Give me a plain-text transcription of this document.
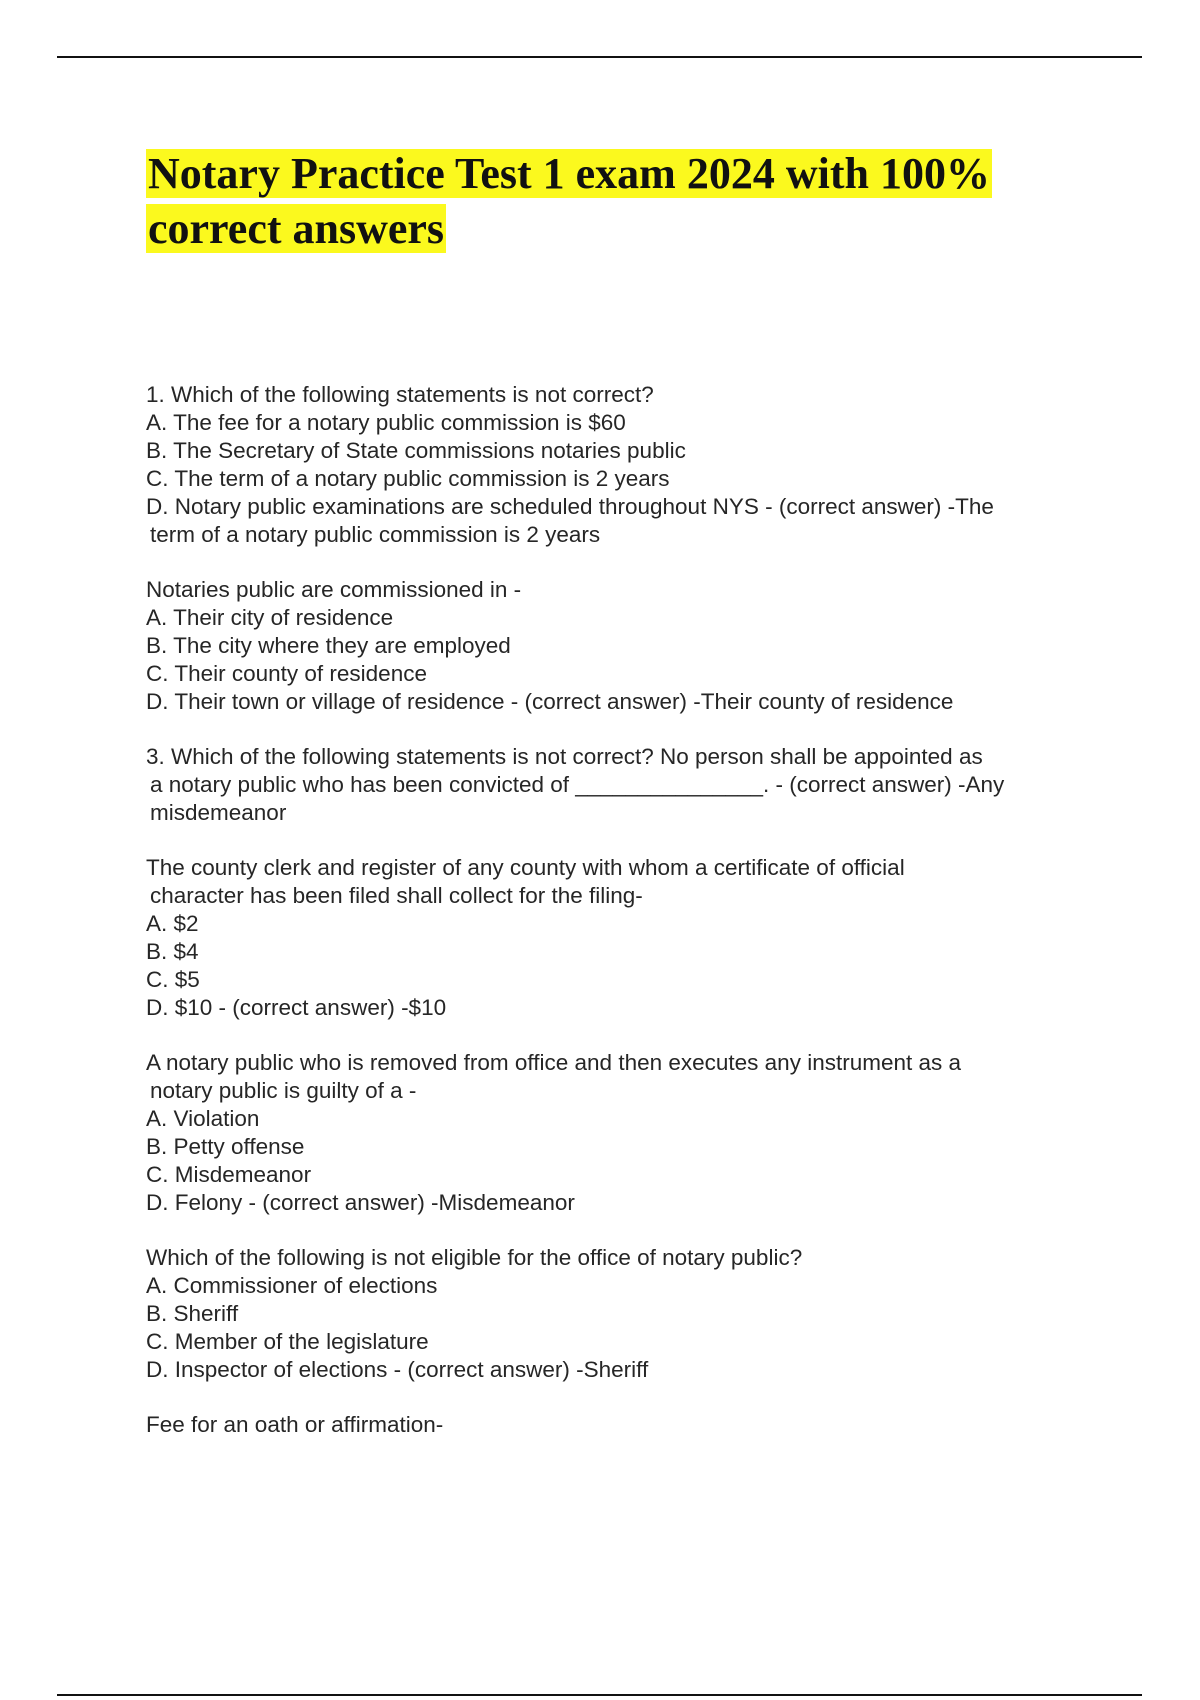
Notary Practice Test 1 exam 2024 with 100% correct answers
1. Which of the following statements is not correct?
A. The fee for a notary public commission is $60
B. The Secretary of State commissions notaries public
C. The term of a notary public commission is 2 years
D. Notary public examinations are scheduled throughout NYS - (correct answer) -The
term of a notary public commission is 2 years
Notaries public are commissioned in -
A. Their city of residence
B. The city where they are employed
C. Their county of residence
D. Their town or village of residence - (correct answer) -Their county of residence
3. Which of the following statements is not correct? No person shall be appointed as
a notary public who has been convicted of _______________. - (correct answer) -Any
misdemeanor
The county clerk and register of any county with whom a certificate of official
character has been filed shall collect for the filing-
A. $2
B. $4
C. $5
D. $10 - (correct answer) -$10
A notary public who is removed from office and then executes any instrument as a
notary public is guilty of a -
A. Violation
B. Petty offense
C. Misdemeanor
D. Felony - (correct answer) -Misdemeanor
Which of the following is not eligible for the office of notary public?
A. Commissioner of elections
B. Sheriff
C. Member of the legislature
D. Inspector of elections - (correct answer) -Sheriff
Fee for an oath or affirmation-
